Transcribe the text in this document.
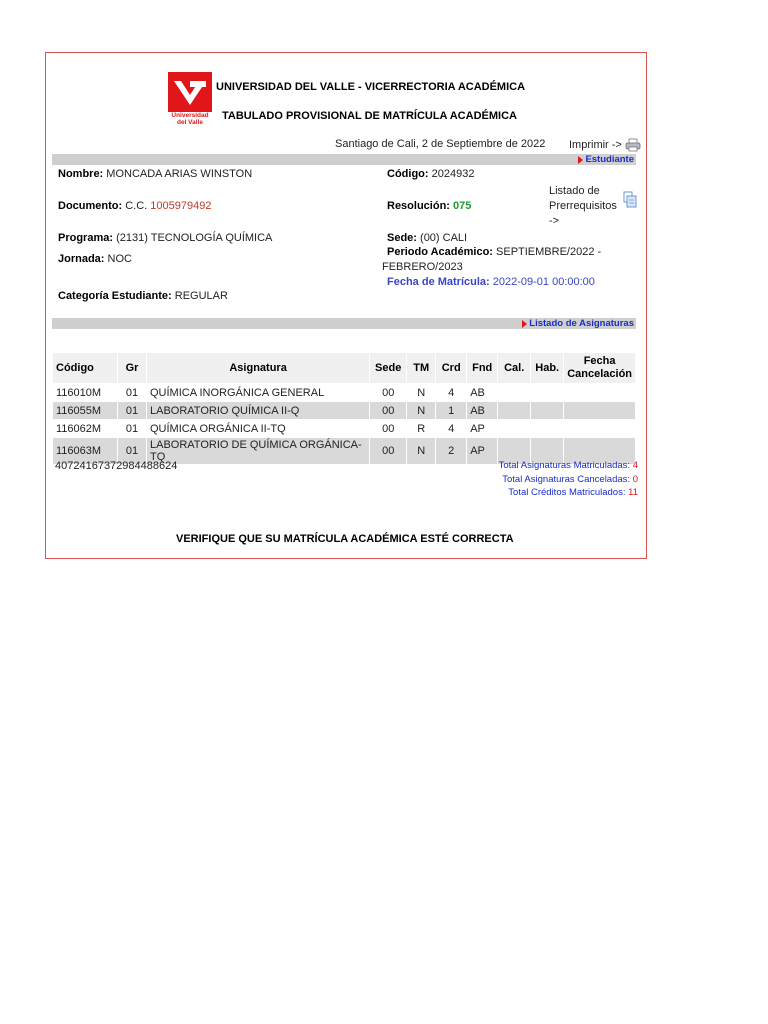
Universidad
del Valle
UNIVERSIDAD DEL VALLE - VICERRECTORIA ACADÉMICA
TABULADO PROVISIONAL DE MATRÍCULA ACADÉMICA
Santiago de Cali, 2 de Septiembre de 2022 Imprimir ->
Estudiante
Nombre: MONCADA ARIAS WINSTON	Código: 2024932
Documento: C.C. 1005979492	Resolución: 075
Listado de Prerrequisitos ->
Programa: (2131) TECNOLOGÍA QUÍMICA	Sede: (00) CALI
Jornada: NOC
Periodo Académico: SEPTIEMBRE/2022 -
FEBRERO/2023
Fecha de Matrícula: 2022-09-01 00:00:00
Categoría Estudiante: REGULAR
Listado de Asignaturas
Código	Gr	Asignatura	Sede	TM	Crd	Fnd	Cal.	Hab.	Fecha Cancelación
116010M	01	QUÍMICA INORGÁNICA GENERAL	00	N	4	AB			
116055M	01	LABORATORIO QUÍMICA II-Q	00	N	1	AB			
116062M	01	QUÍMICA ORGÁNICA II-TQ	00	R	4	AP			
116063M	01	LABORATORIO DE QUÍMICA ORGÁNICA-TQ	00	N	2	AP			
40724167372984488624	Total Asignaturas Matriculadas: 4
Total Asignaturas Canceladas: 0
Total Créditos Matriculados: 11
VERIFIQUE QUE SU MATRÍCULA ACADÉMICA ESTÉ CORRECTA
